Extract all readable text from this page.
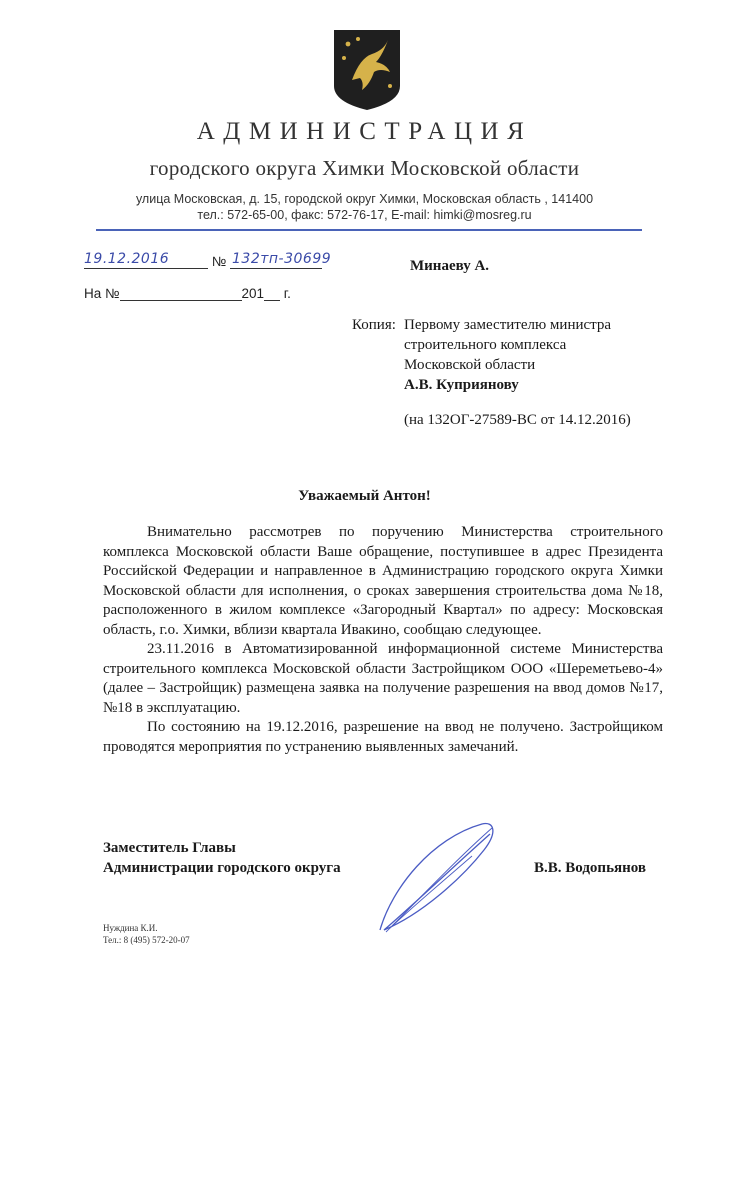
АДМИНИСТРАЦИЯ
городского округа Химки Московской области
улица Московская, д. 15, городской округ Химки, Московская область , 141400
тел.: 572-65-00, факс: 572-76-17, E-mail: himki@mosreg.ru
19.12.2016	№ 132тп-30699
На №	201 г.
Минаеву А.
Копия: Первому заместителю министра
строительного комплекса
Московской области
А.В. Куприянову
(на 132ОГ-27589-ВС от 14.12.2016)
Уважаемый Антон!

Внимательно рассмотрев по поручению Министерства строительного комплекса Московской области Ваше обращение, поступившее в адрес Президента Российской Федерации и направленное в Администрацию городского округа Химки Московской области для исполнения, о сроках завершения строительства дома №18, расположенного в жилом комплексе «Загородный Квартал» по адресу: Московская область, г.о. Химки, вблизи квартала Ивакино, сообщаю следующее.

23.11.2016 в Автоматизированной информационной системе Министерства строительного комплекса Московской области Застройщиком ООО «Шереметьево-4» (далее – Застройщик) размещена заявка на получение разрешения на ввод домов №17, №18 в эксплуатацию.

По состоянию на 19.12.2016, разрешение на ввод не получено. Застройщиком проводятся мероприятия по устранению выявленных замечаний.

Заместитель Главы
Администрации городского округа	В.В. Водопьянов
Нуждина К.И.
Тел.: 8 (495) 572-20-07
